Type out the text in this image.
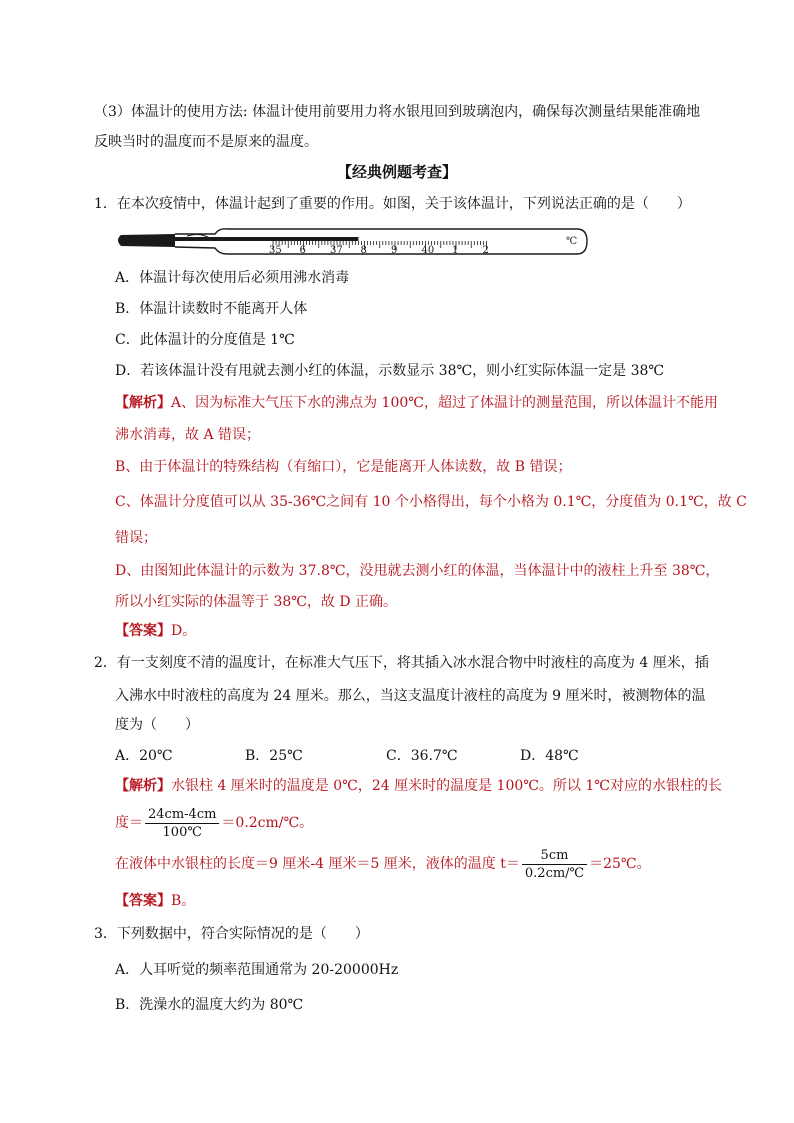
（3）体温计的使用方法: 体温计使用前要用力将水银甩回到玻璃泡内，确保每次测量结果能准确地
反映当时的温度而不是原来的温度。
【经典例题考查】
1．在本次疫情中，体温计起到了重要的作用。如图，关于该体温计，下列说法正确的是（　　）
35 6 37 8 9 40 1 2
℃
A．体温计每次使用后必须用沸水消毒
B．体温计读数时不能离开人体
C．此体温计的分度值是 1℃
D．若该体温计没有甩就去测小红的体温，示数显示 38℃，则小红实际体温一定是 38℃
【解析】A、因为标准大气压下水的沸点为 100℃，超过了体温计的测量范围，所以体温计不能用
沸水消毒，故 A 错误；
B、由于体温计的特殊结构（有缩口），它是能离开人体读数，故 B 错误；
C、体温计分度值可以从 35-36℃之间有 10 个小格得出，每个小格为 0.1℃，分度值为 0.1℃，故 C
错误；
D、由图知此体温计的示数为 37.8℃，没甩就去测小红的体温，当体温计中的液柱上升至 38℃，
所以小红实际的体温等于 38℃，故 D 正确。
【答案】D。
2．有一支刻度不清的温度计，在标准大气压下，将其插入冰水混合物中时液柱的高度为 4 厘米，插
入沸水中时液柱的高度为 24 厘米。那么，当这支温度计液柱的高度为 9 厘米时，被测物体的温
度为（　　）
A．20℃	B．25℃	C．36.7℃	D．48℃
【解析】水银柱 4 厘米时的温度是 0℃，24 厘米时的温度是 100℃。所以 1℃对应的水银柱的长
度＝ $\frac{24cm-4cm}{100℃}$ ＝0.2cm/℃。
在液体中水银柱的长度＝9 厘米-4 厘米＝5 厘米，液体的温度 $t= \frac{5cm}{0.2cm/℃}$ ＝25℃。
【答案】B。
3．下列数据中，符合实际情况的是（　　）
A．人耳听觉的频率范围通常为 20-20000Hz
B．洗澡水的温度大约为 80℃
